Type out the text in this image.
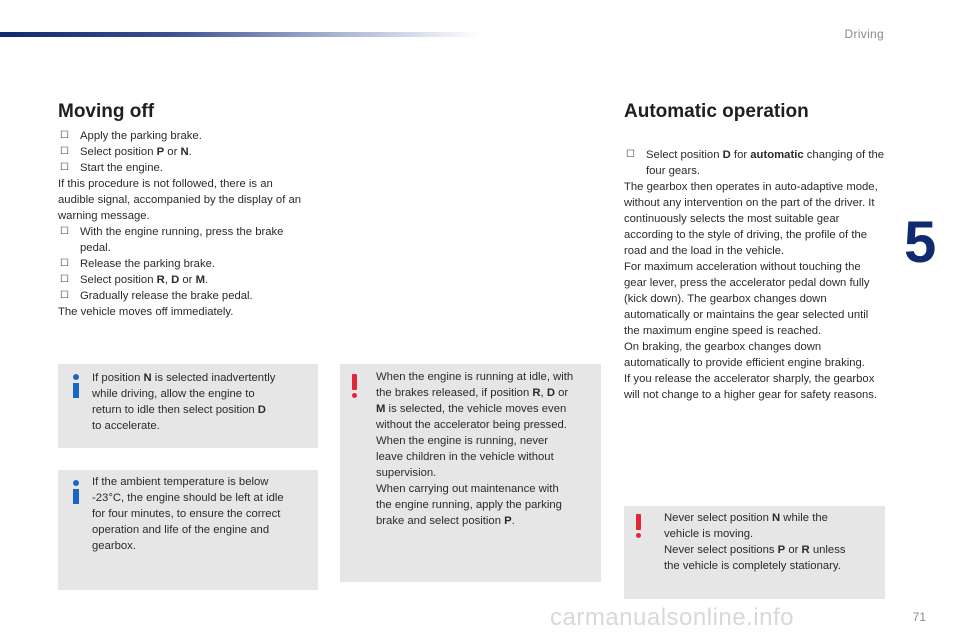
Driving
5
Moving off

☐ Apply the parking brake.

☐ Select position P or N.

☐ Start the engine.

If this procedure is not followed, there is an audible signal, accompanied by the display of an warning message.

☐ With the engine running, press the brake pedal.

☐ Release the parking brake.

☐ Select position R, D or M.

☐ Gradually release the brake pedal.

The vehicle moves off immediately.

If position N is selected inadvertently

while driving, allow the engine to

return to idle then select position D

to accelerate.

If the ambient temperature is below

-23°C, the engine should be left at idle

for four minutes, to ensure the correct

operation and life of the engine and

gearbox.

When the engine is running at idle, with

the brakes released, if position R, D or

M is selected, the vehicle moves even

without the accelerator being pressed.

When the engine is running, never

leave children in the vehicle without

supervision.

When carrying out maintenance with

the engine running, apply the parking

brake and select position P.

Automatic operation

☐ Select position D for automatic changing of the four gears.

The gearbox then operates in auto-adaptive mode, without any intervention on the part of the driver. It continuously selects the most suitable gear according to the style of driving, the profile of the road and the load in the vehicle.

For maximum acceleration without touching the gear lever, press the accelerator pedal down fully (kick down). The gearbox changes down automatically or maintains the gear selected until the maximum engine speed is reached.

On braking, the gearbox changes down automatically to provide efficient engine braking.

If you release the accelerator sharply, the gearbox will not change to a higher gear for safety reasons.

Never select position N while the

vehicle is moving.

Never select positions P or R unless

the vehicle is completely stationary.

71
carmanualsonline.info
